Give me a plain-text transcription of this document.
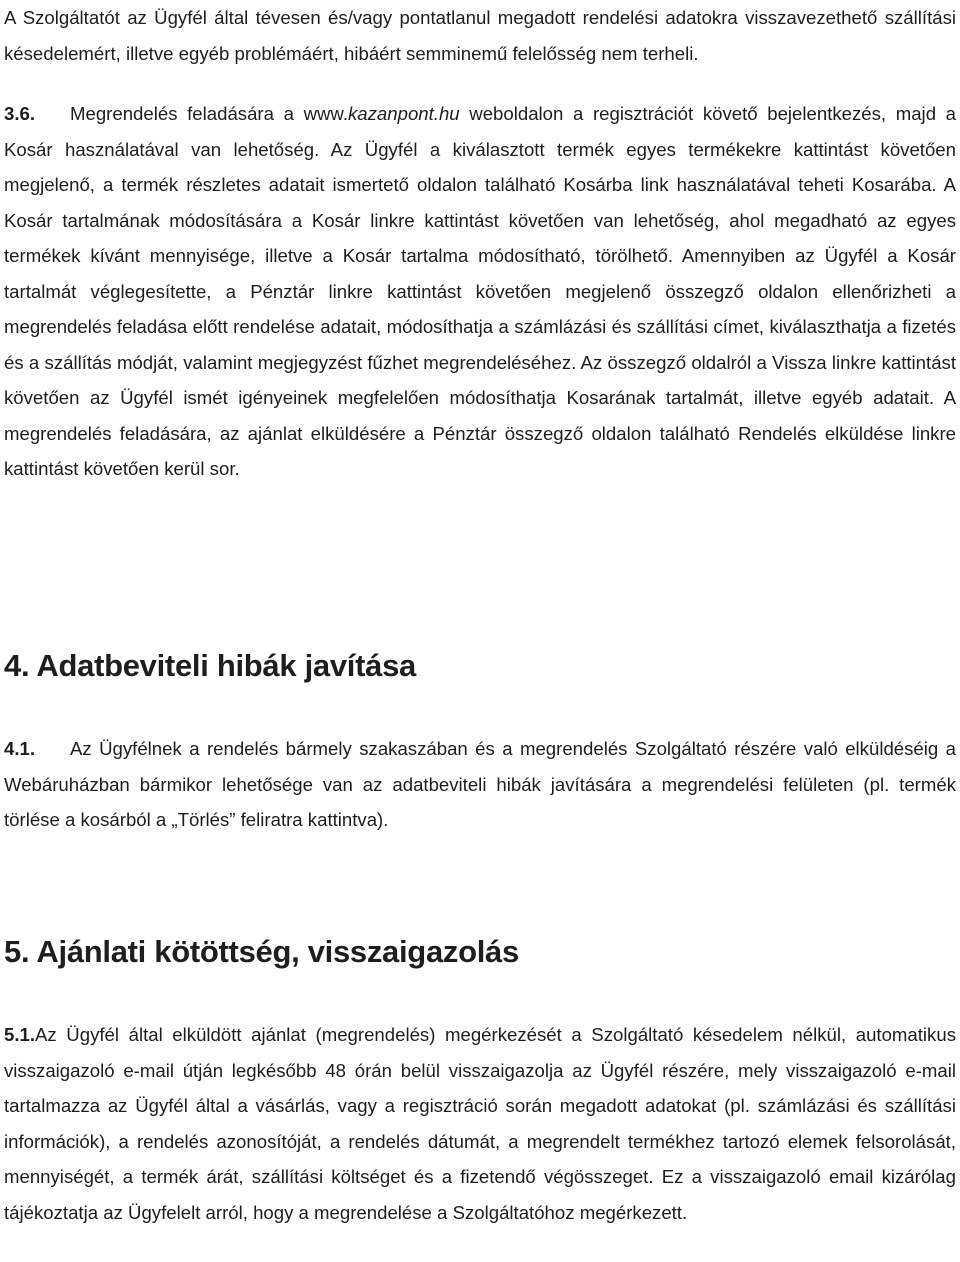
A Szolgáltatót az Ügyfél által tévesen és/vagy pontatlanul megadott rendelési adatokra visszavezethető szállítási késedelemért, illetve egyéb problémáért, hibáért semminemű felelősség nem terheli.

3.6. Megrendelés feladására a www.kazanpont.hu weboldalon a regisztrációt követő bejelentkezés, majd a Kosár használatával van lehetőség. Az Ügyfél a kiválasztott termék egyes termékekre kattintást követően megjelenő, a termék részletes adatait ismertető oldalon található Kosárba link használatával teheti Kosarába. A Kosár tartalmának módosítására a Kosár linkre kattintást követően van lehetőség, ahol megadható az egyes termékek kívánt mennyisége, illetve a Kosár tartalma módosítható, törölhető. Amennyiben az Ügyfél a Kosár tartalmát véglegesítette, a Pénztár linkre kattintást követően megjelenő összegző oldalon ellenőrizheti a megrendelés feladása előtt rendelése adatait, módosíthatja a számlázási és szállítási címet, kiválaszthatja a fizetés és a szállítás módját, valamint megjegyzést fűzhet megrendeléséhez. Az összegző oldalról a Vissza linkre kattintást követően az Ügyfél ismét igényeinek megfelelően módosíthatja Kosarának tartalmát, illetve egyéb adatait. A megrendelés feladására, az ajánlat elküldésére a Pénztár összegző oldalon található Rendelés elküldése linkre kattintást követően kerül sor.

4. Adatbeviteli hibák javítása

4.1. Az Ügyfélnek a rendelés bármely szakaszában és a megrendelés Szolgáltató részére való elküldéséig a Webáruházban bármikor lehetősége van az adatbeviteli hibák javítására a megrendelési felületen (pl. termék törlése a kosárból a „Törlés” feliratra kattintva).

5. Ajánlati kötöttség, visszaigazolás

5.1.Az Ügyfél által elküldött ajánlat (megrendelés) megérkezését a Szolgáltató késedelem nélkül, automatikus visszaigazoló e-mail útján legkésőbb 48 órán belül visszaigazolja az Ügyfél részére, mely visszaigazoló e-mail tartalmazza az Ügyfél által a vásárlás, vagy a regisztráció során megadott adatokat (pl. számlázási és szállítási információk), a rendelés azonosítóját, a rendelés dátumát, a megrendelt termékhez tartozó elemek felsorolását, mennyiségét, a termék árát, szállítási költséget és a fizetendő végösszeget. Ez a visszaigazoló email kizárólag tájékoztatja az Ügyfelelt arról, hogy a megrendelése a Szolgáltatóhoz megérkezett.
